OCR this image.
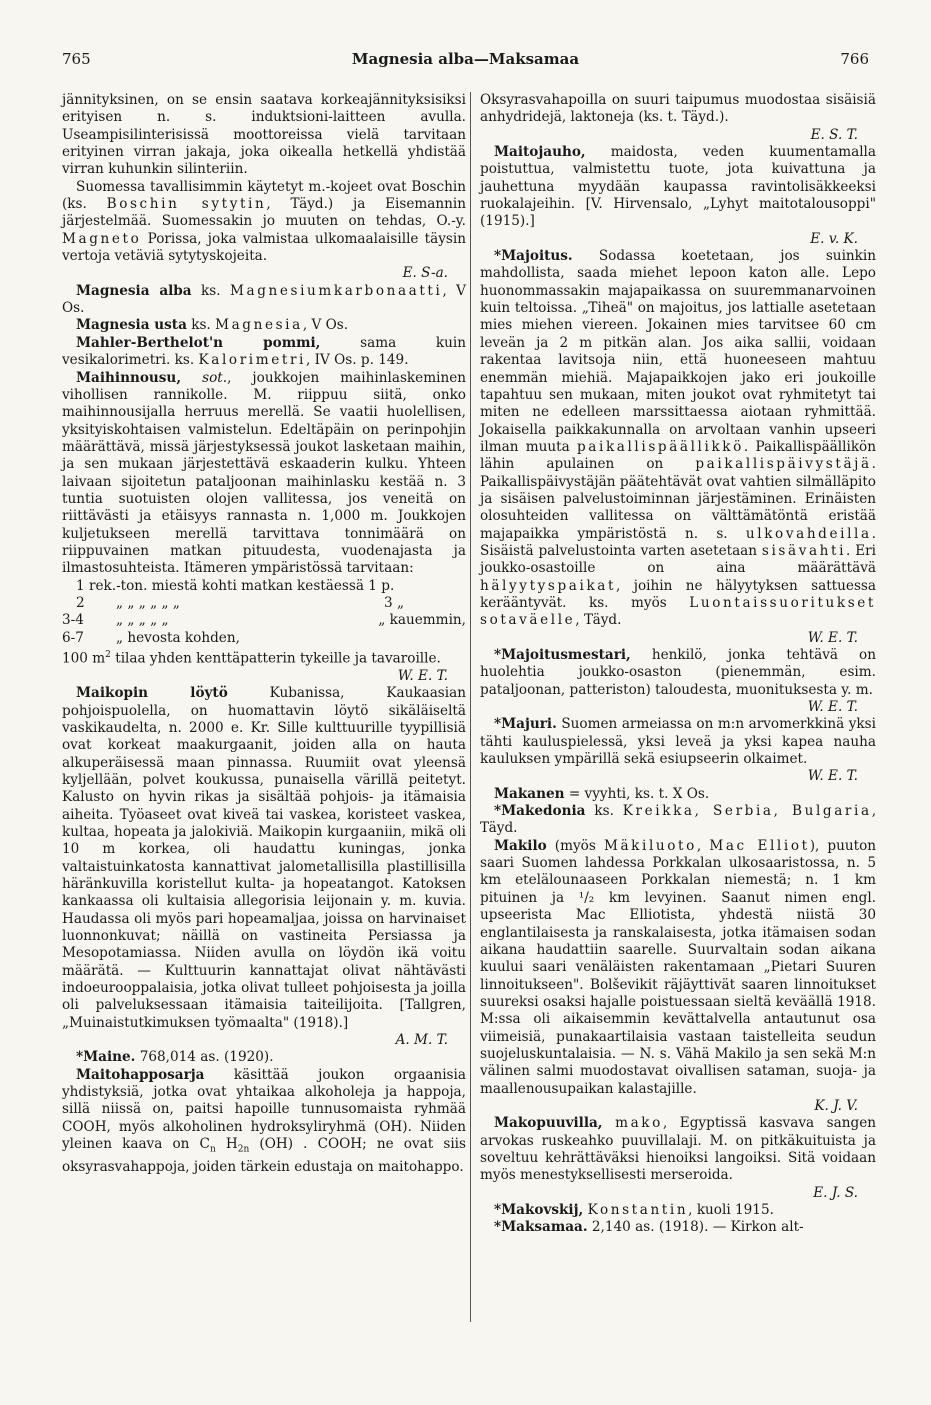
765	Magnesia alba—Maksamaa	766

jännityksinen, on se ensin saatava korkeajännityksisiksi erityisen n. s. induktsioni-laitteen avulla. Useampisilinterisissä moottoreissa vielä tarvitaan erityinen virran jakaja, joka oikealla hetkellä yhdistää virran kuhunkin silinteriin.

Suomessa tavallisimmin käytetyt m.-kojeet ovat Boschin (ks. Boschin sytytin, Täyd.) ja Eisemannin järjestelmää. Suomessakin jo muuten on tehdas, O.-y. Magneto Porissa, joka valmistaa ulkomaalaisille täysin vertoja vetäviä sytytyskojeita.
E. S-a.

Magnesia alba ks. Magnesiumkarbonaatti, V Os.

Magnesia usta ks. Magnesia, V Os.

Mahler-Berthelot'n pommi,	sama kuin vesikalorimetri. ks. Kalorimetri, IV Os. p. 149.

Maihinnousu, sot., joukkojen maihinlaskeminen vihollisen rannikolle. M. riippuu siitä, onko maihinnousijalla herruus merellä. Se vaatii huolellisen, yksityiskohtaisen valmistelun. Edeltäpäin on perinpohjin määrättävä, missä järjestyksessä joukot lasketaan maihin, ja sen mukaan järjestettävä eskaaderin kulku. Yhteen laivaan sijoitetun pataljoonan maihinlasku kestää n. 3 tuntia suotuisten olojen vallitessa, jos veneitä on riittävästi ja etäisyys rannasta n. 1,000 m. Joukkojen kuljetukseen merellä tarvittava tonnimäärä on riippuvainen matkan pituudesta, vuodenajasta ja ilmastosuhteista. Itämeren ympäristössä tarvitaan:

1 rek.-ton. miestä kohti matkan kestäessä 1 p.		
2	„ „ „ „ „ „	3 „
3-4	„ „ „ „ „	„ kauemmin,
6-7	„ hevosta kohden,	

100 $m^2$ tilaa yhden kenttäpatterin tykeille ja tavaroille.
W. E. T.

Maikopin löytö	Kubanissa, Kaukaasian pohjoispuolella, on huomattavin löytö sikäläiseltä vaskikaudelta, n. 2000 e. Kr. Sille kulttuurille tyypillisiä ovat korkeat maakurgaanit, joiden alla on hauta alkuperäisessä maan pinnassa. Ruumiit ovat yleensä kyljellään, polvet koukussa, punaisella värillä peitetyt. Kalusto on hyvin rikas ja sisältää pohjois- ja itämaisia aiheita. Työaseet ovat kiveä tai vaskea, koristeet vaskea, kultaa, hopeata ja jalokiviä. Maikopin kurgaaniin, mikä oli 10 m korkea, oli haudattu kuningas, jonka valtaistuinkatosta kannattivat jalometallisilla plastillisilla häränkuvilla koristellut kulta- ja hopeatangot. Katoksen kankaassa oli kultaisia allegorisia leijonain y. m. kuvia. Haudassa oli myös pari hopeamaljaa, joissa on harvinaiset luonnonkuvat; näillä on vastineita Persiassa ja Mesopotamiassa. Niiden avulla on löydön ikä voitu määrätä. — Kulttuurin kannattajat olivat nähtävästi indoeurooppalaisia, jotka olivat tulleet pohjoisesta ja joilla oli palveluksessaan itämaisia taiteilijoita. [Tallgren, „Muinaistutkimuksen työmaalta" (1918).]
A. M. T.

*Maine. 768,014 as. (1920).

Maitohapposarja käsittää joukon orgaanisia yhdistyksiä, jotka ovat yhtaikaa alkoholeja ja happoja, sillä niissä on, paitsi hapoille tunnusomaista ryhmää COOH, myös alkoholinen hydroksyliryhmä (OH). Niiden yleinen kaava on $C_n$ $H_{2n}$ (OH) . COOH; ne ovat siis oksyrasvahappoja, joiden tärkein edustaja on maitohappo.

Oksyrasvahapoilla on suuri taipumus muodostaa sisäisiä anhydridejä, laktoneja (ks. t. Täyd.).
E. S. T.

Maitojauho, maidosta, veden kuumentamalla poistuttua, valmistettu tuote, jota kuivattuna ja jauhettuna myydään kaupassa ravintolisäkkeeksi ruokalajeihin. [V. Hirvensalo, „Lyhyt maitotalousoppi" (1915).]
E. v. K.

*Majoitus. Sodassa koetetaan, jos suinkin mahdollista, saada miehet lepoon katon alle. Lepo huonommassakin majapaikassa on suuremmanarvoinen kuin teltoissa. „Tiheä" on majoitus, jos lattialle asetetaan mies miehen viereen. Jokainen mies tarvitsee 60 cm leveän ja 2 m pitkän alan. Jos aika sallii, voidaan rakentaa lavitsoja niin, että huoneeseen mahtuu enemmän miehiä. Majapaikkojen jako eri joukoille tapahtuu sen mukaan, miten joukot ovat ryhmitetyt tai miten ne edelleen marssittaessa aiotaan ryhmittää. Jokaisella paikkakunnalla on arvoltaan vanhin upseeri ilman muuta paikallispäällikkö. Paikallispäällikön lähin apulainen on paikallispäivystäjä. Paikallispäivystäjän päätehtävät ovat vahtien silmälläpito ja sisäisen palvelustoiminnan järjestäminen. Erinäisten olosuhteiden vallitessa on välttämätöntä eristää majapaikka ympäristöstä n. s. ulkovahdeilla. Sisäistä palvelustointa varten asetetaan sisävahti. Eri joukko-osastoille on aina määrättävä hälyytyspaikat, joihin ne hälyytyksen sattuessa kerääntyvät. ks. myös Luontaissuoritukset sotaväelle, Täyd.
W. E. T.

*Majoitusmestari, henkilö, jonka tehtävä on huolehtia joukko-osaston (pienemmän, esim. pataljoonan, patteriston) taloudesta, muonituksesta y. m.
W. E. T.

*Majuri. Suomen armeiassa on m:n arvomerkkinä yksi tähti kauluspielessä, yksi leveä ja yksi kapea nauha kauluksen ympärillä sekä esiupseerin olkaimet.
W. E. T.

Makanen = vyyhti, ks. t. X Os.

*Makedonia ks. Kreikka, Serbia, Bulgaria, Täyd.

Makilo (myös Mäkiluoto, Mac Elliot), puuton saari Suomen lahdessa Porkkalan ulkosaaristossa, n. 5 km etelälounaaseen Porkkalan niemestä; n. 1 km pituinen ja ¹/₂ km levyinen. Saanut nimen engl. upseerista Mac Elliotista, yhdestä niistä 30 englantilaisesta ja ranskalaisesta, jotka itämaisen sodan aikana haudattiin saarelle. Suurvaltain sodan aikana kuului saari venäläisten rakentamaan „Pietari Suuren linnoitukseen". Bolševikit räjäyttivät saaren linnoitukset suureksi osaksi hajalle poistuessaan sieltä keväällä 1918. M:ssa oli aikaisemmin kevättalvella antautunut osa viimeisiä, punakaartilaisia vastaan taistelleita seudun suojeluskuntalaisia. — N. s. Vähä Makilo ja sen sekä M:n välinen salmi muodostavat oivallisen sataman, suoja- ja maallenousupaikan kalastajille.
K. J. V.

Makopuuvilla, mako, Egyptissä kasvava sangen arvokas ruskeahko puuvillalaji. M. on pitkäkuituista ja soveltuu kehrättäväksi hienoiksi langoiksi. Sitä voidaan myös menestyksellisesti merseroida.
E. J. S.

*Makovskij, Konstantin, kuoli 1915.

*Maksamaa. 2,140 as. (1918). — Kirkon alt-
